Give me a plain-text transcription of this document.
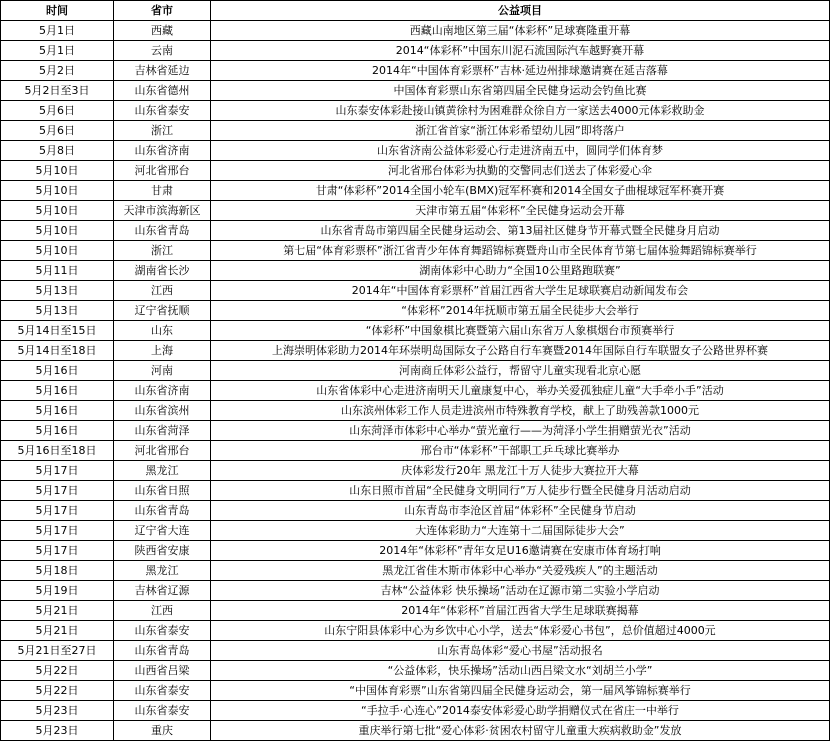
时间	省市	公益项目
5月1日	西藏	西藏山南地区第三届“体彩杯”足球赛隆重开幕
5月1日	云南	2014“体彩杯”中国东川泥石流国际汽车越野赛开幕
5月2日	吉林省延边	2014年“中国体育彩票杯”吉林·延边州排球邀请赛在延吉落幕
5月2日至3日	山东省德州	中国体育彩票山东省第四届全民健身运动会钓鱼比赛
5月6日	山东省泰安	山东泰安体彩赴接山镇黄徐村为困难群众徐自方一家送去4000元体彩救助金
5月6日	浙江	浙江省首家“浙江体彩希望幼儿园”即将落户
5月8日	山东省济南	山东省济南公益体彩爱心行走进济南五中，圆同学们体育梦
5月10日	河北省邢台	河北省邢台体彩为执勤的交警同志们送去了体彩爱心伞
5月10日	甘肃	甘肃“体彩杯”2014全国小轮车(BMX)冠军杯赛和2014全国女子曲棍球冠军杯赛开赛
5月10日	天津市滨海新区	天津市第五届“体彩杯”全民健身运动会开幕
5月10日	山东省青岛	山东省青岛市第四届全民健身运动会、第13届社区健身节开幕式暨全民健身月启动
5月10日	浙江	第七届“体育彩票杯”浙江省青少年体育舞蹈锦标赛暨舟山市全民体育节第七届体验舞蹈锦标赛举行
5月11日	湖南省长沙	湖南体彩中心助力“全国10公里路跑联赛”
5月13日	江西	2014年“中国体育彩票杯”首届江西省大学生足球联赛启动新闻发布会
5月13日	辽宁省抚顺	“体彩杯”2014年抚顺市第五届全民徒步大会举行
5月14日至15日	山东	“体彩杯”中国象棋比赛暨第六届山东省万人象棋烟台市预赛举行
5月14日至18日	上海	上海崇明体彩助力2014年环崇明岛国际女子公路自行车赛暨2014年国际自行车联盟女子公路世界杯赛
5月16日	河南	河南商丘体彩公益行，帮留守儿童实现看北京心愿
5月16日	山东省济南	山东省体彩中心走进济南明天儿童康复中心，举办关爱孤独症儿童“大手牵小手”活动
5月16日	山东省滨州	山东滨州体彩工作人员走进滨州市特殊教育学校，献上了助残善款1000元
5月16日	山东省菏泽	山东菏泽市体彩中心举办“萤光童行——为菏泽小学生捐赠萤光衣”活动
5月16日至18日	河北省邢台	邢台市“体彩杯”干部职工乒乓球比赛举办
5月17日	黑龙江	庆体彩发行20年 黑龙江十万人徒步大赛拉开大幕
5月17日	山东省日照	山东日照市首届“全民健身文明同行”万人徒步行暨全民健身月活动启动
5月17日	山东省青岛	山东青岛市李沧区首届“体彩杯”全民健身节启动
5月17日	辽宁省大连	大连体彩助力“大连第十二届国际徒步大会”
5月17日	陕西省安康	2014年“体彩杯”青年女足U16邀请赛在安康市体育场打响
5月18日	黑龙江	黑龙江省佳木斯市体彩中心举办“关爱残疾人”的主题活动
5月19日	吉林省辽源	吉林“公益体彩 快乐操场”活动在辽源市第二实验小学启动
5月21日	江西	2014年“体彩杯”首届江西省大学生足球联赛揭幕
5月21日	山东省泰安	山东宁阳县体彩中心为乡饮中心小学，送去“体彩爱心书包”，总价值超过4000元
5月21日至27日	山东省青岛	山东青岛体彩“爱心书屋”活动报名
5月22日	山西省吕梁	“公益体彩，快乐操场”活动山西吕梁文水“刘胡兰小学”
5月22日	山东省泰安	“中国体育彩票”山东省第四届全民健身运动会，第一届风筝锦标赛举行
5月23日	山东省泰安	“手拉手·心连心”2014泰安体彩爱心助学捐赠仪式在省庄一中举行
5月23日	重庆	重庆举行第七批“爱心体彩·贫困农村留守儿童重大疾病救助金”发放
